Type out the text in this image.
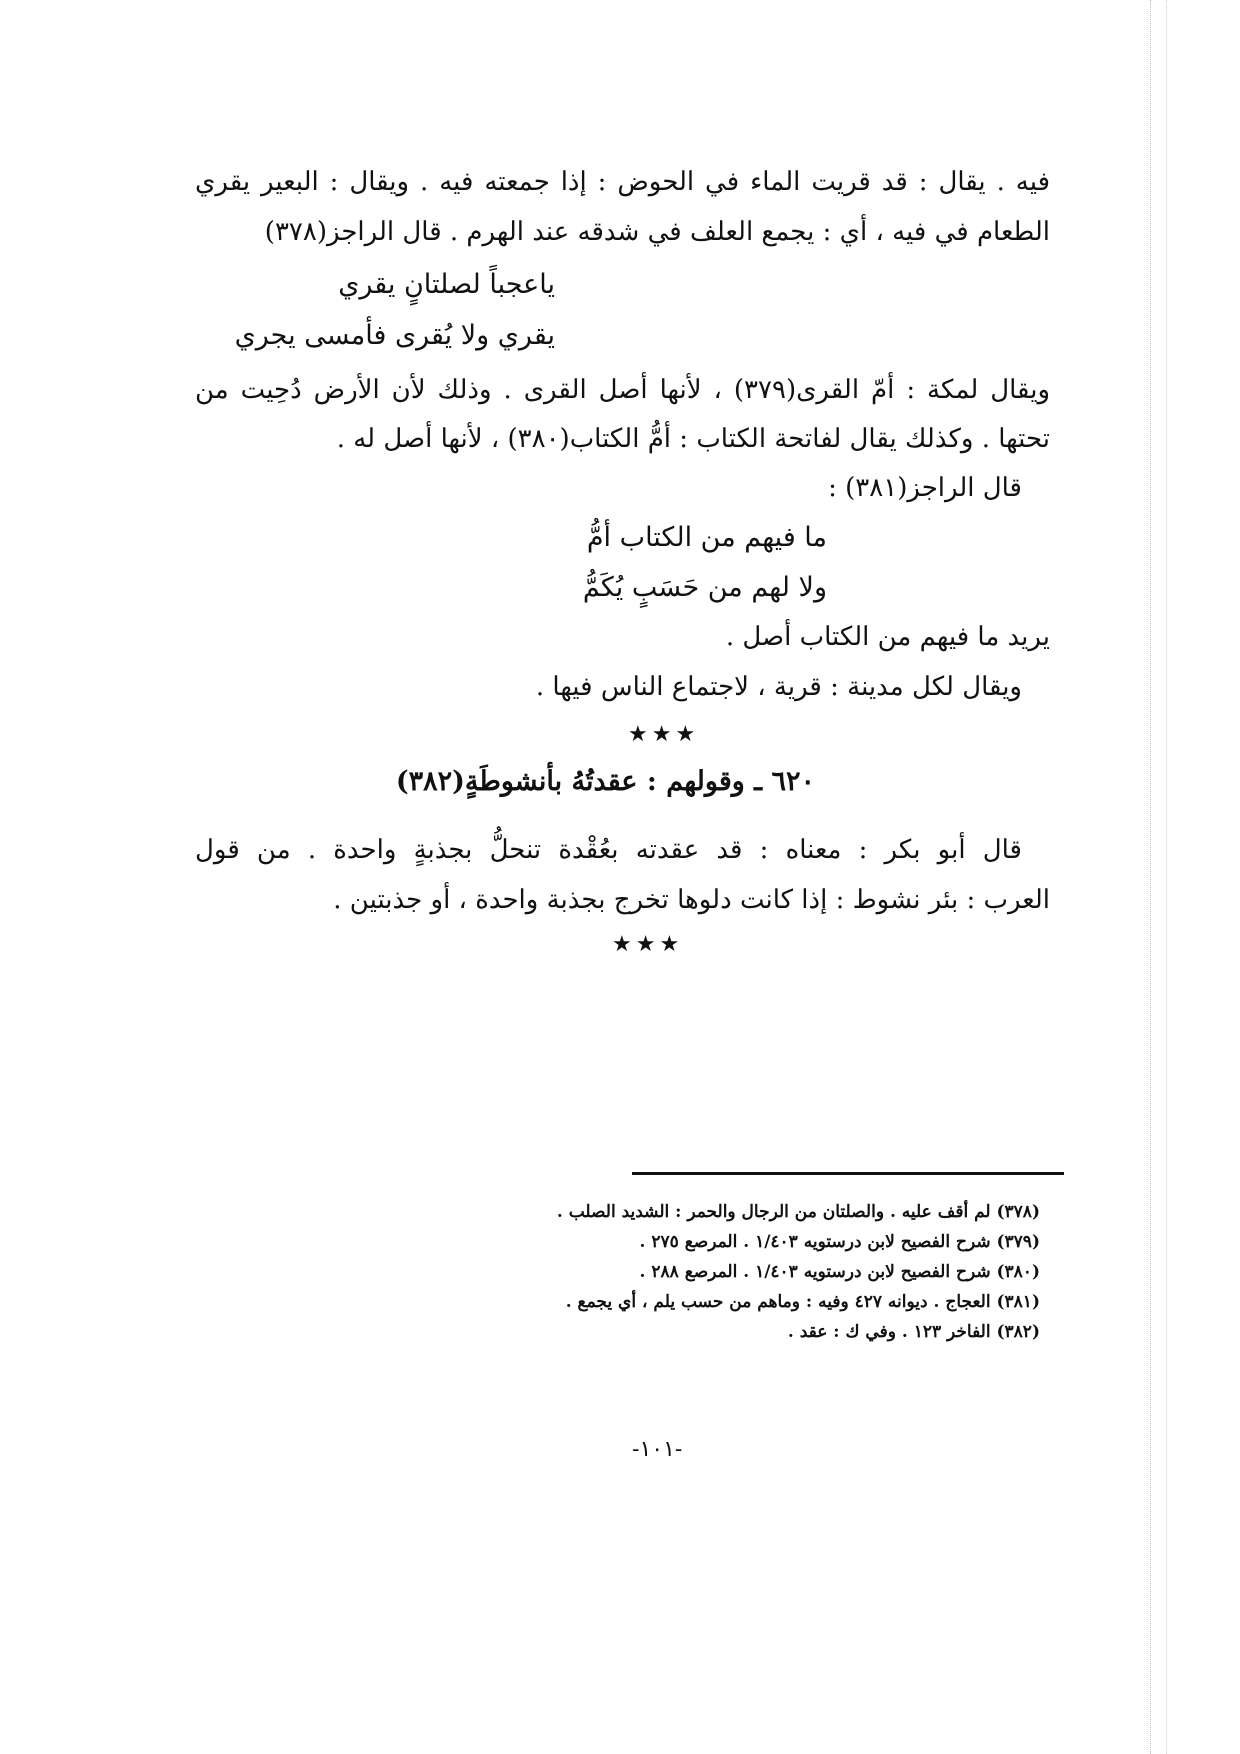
فيه . يقال : قد قريت الماء في الحوض : إذا جمعته فيه . ويقال : البعير يقري
الطعام في فيه ، أي : يجمع العلف في شدقه عند الهرم . قال الراجز(٣٧٨)
ياعجباً لصلتانٍ يقري
يقري ولا يُقرى فأمسى يجري
ويقال لمكة : أمّ القرى(٣٧٩) ، لأنها أصل القرى . وذلك لأن الأرض دُحِيت من
تحتها . وكذلك يقال لفاتحة الكتاب : أمُّ الكتاب(٣٨٠) ، لأنها أصل له .
قال الراجز(٣٨١) :
ما فيهم من الكتاب أمُّ
ولا لهم من حَسَبٍ يُكَمُّ
يريد ما فيهم من الكتاب أصل .
ويقال لكل مدينة : قرية ، لاجتماع الناس فيها .
★★★
٦٢٠ ـ وقولهم : عقدتُهُ بأنشوطَةٍ(٣٨٢)
قال أبو بكر : معناه : قد عقدته بعُقْدة تنحلُّ بجذبةٍ واحدة . من قول
العرب : بئر نشوط : إذا كانت دلوها تخرج بجذبة واحدة ، أو جذبتين .
★★★
(٣٧٨) لم أقف عليه . والصلتان من الرجال والحمر : الشديد الصلب .
(٣٧٩) شرح الفصيح لابن درستويه ١/٤٠٣ . المرصع ٢٧٥ .
(٣٨٠) شرح الفصيح لابن درستويه ١/٤٠٣ . المرصع ٢٨٨ .
(٣٨١) العجاج . ديوانه ٤٢٧ وفيه : وماهم من حسب يلم ، أي يجمع .
(٣٨٢) الفاخر ١٢٣ . وفي ك : عقد .
-١٠١-
